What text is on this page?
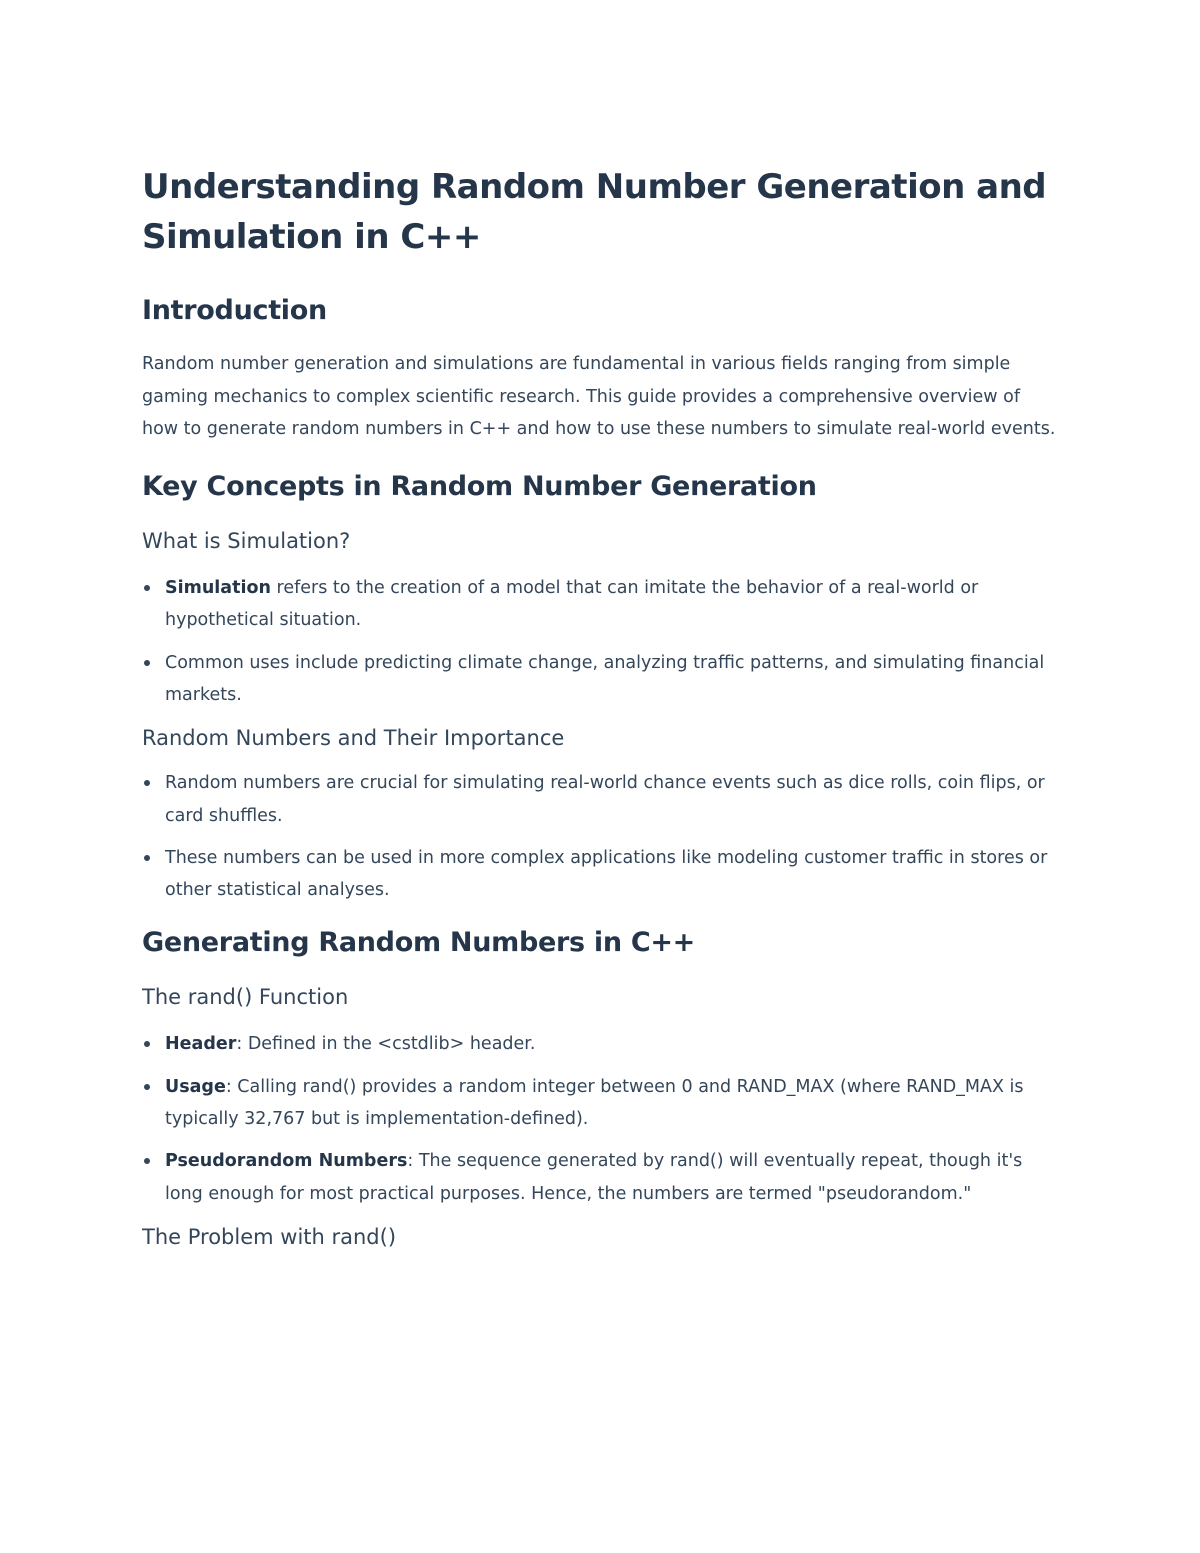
Understanding Random Number Generation and Simulation in C++
Introduction

Random number generation and simulations are fundamental in various fields ranging from simple gaming mechanics to complex scientific research. This guide provides a comprehensive overview of how to generate random numbers in C++ and how to use these numbers to simulate real-world events.

Key Concepts in Random Number Generation
What is Simulation?
Simulation refers to the creation of a model that can imitate the behavior of a real-world or hypothetical situation.
Common uses include predicting climate change, analyzing traffic patterns, and simulating financial markets.
Random Numbers and Their Importance
Random numbers are crucial for simulating real-world chance events such as dice rolls, coin flips, or card shuffles.
These numbers can be used in more complex applications like modeling customer traffic in stores or other statistical analyses.
Generating Random Numbers in C++
The rand() Function
Header: Defined in the <cstdlib> header.
Usage: Calling rand() provides a random integer between 0 and RAND_MAX (where RAND_MAX is typically 32,767 but is implementation-defined).
Pseudorandom Numbers: The sequence generated by rand() will eventually repeat, though it's long enough for most practical purposes. Hence, the numbers are termed "pseudorandom."
The Problem with rand()
